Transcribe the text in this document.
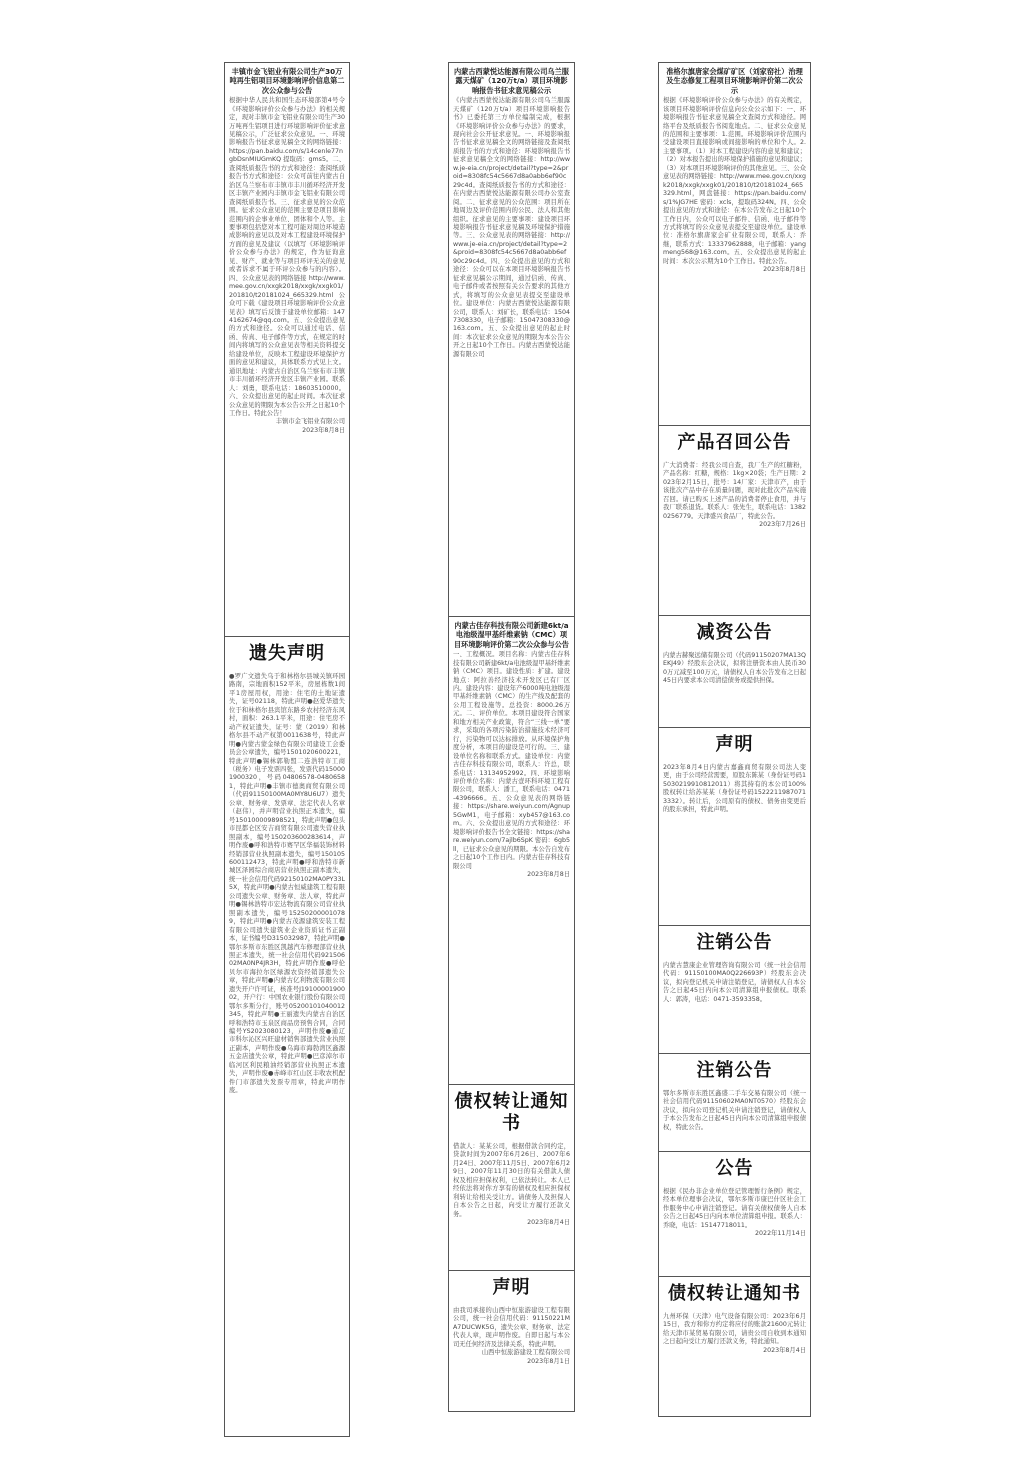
丰镇市金飞铝业有限公司生产30万吨再生铝项目环境影响评价信息第二次公众参与公告
根据中华人民共和国生态环境部第4号令《环境影响评价公众参与办法》的相关规定，现对丰镇市金飞铝业有限公司生产30万吨再生铝项目进行环境影响评价征求意见稿公示，广泛征求公众意见。一、环境影响报告书征求意见稿全文的网络链接：https://pan.baidu.com/s/14cenle77ngbDsnMIUGmKQ 提取码：gms5。二、查阅纸质报告书的方式和途径：查阅纸质报告书方式和途径：公众可前往内蒙古自治区乌兰察布市丰镇市丰川循环经济开发区丰镇产业园内丰镇市金飞铝业有限公司查阅纸质报告书。三、征求意见的公众范围。征求公众意见的范围主要是项目影响范围内的企事业单位、团体和个人等。主要事项包括您对本工程可能对周边环境造成影响的意见以及对本工程建设环境保护方面的意见及建议（以填写《环境影响评价公众参与办法》的规定，作为征询意见、财产、就业等与项目环评无关的意见或者诉求不属于环评公众参与的内容）。四、公众意见表的网络链接 http://www.mee.gov.cn/xxgk2018/xxgk/xxgk01/201810/t20181024_665329.html 公众可下载《建设项目环境影响评价公众意见表》填写后反馈于建设单位邮箱：1474162674@qq.com。五、公众提出意见的方式和途径。公众可以通过电话、信函、传真、电子邮件等方式，在规定的时间内将填写的公众意见表等相关资料提交给建设单位，反映本工程建设环境保护方面的意见和建议，具体联系方式见上文。通讯地址：内蒙古自治区乌兰察布市丰镇市丰川循环经济开发区丰镇产业园。联系人：刘勇，联系电话：18603510000。六、公众提出意见的起止时间。本次征求公众意见的期限为本公告公开之日起10个工作日。特此公告！
丰镇市金飞铝业有限公司
2023年8月8日
遗失声明
●罗广文遗失乌于和林格尔县城关镇环园路南，宗地面积152平米，房屋栋数1间平1房屋用权，用途：住宅的土地证遗失，证号02118，特此声明●赵爱华遗失位于和林格尔县宾馆东路乡农村经济东风村，面积：263.1平米，用途：住宅房不动产权证遗失，证号：蒙（2019）和林格尔县不动产权第0011638号，特此声明●内蒙古蒙金绿色有限公司建设工会委员会公章遗失，编号1501020600221，特此声明●锡林郭勒盟二连浩特市工商（税务）电子发票四张，发票代码150001900320，号码04806578-04806581，特此声明●丰镇市德奥商贸有限公司（代码91150100MA0MY8U6U7）遗失公章、财务章、发票章、法定代表人名章（赵伟），并声明营业执照正本遗失，编号150100009898521，特此声明●包头市昆都仑区安吉商贸有限公司遗失营业执照副本，编号150203600283614，声明作废●呼和浩特市赛罕区华福装饰材料经销部营业执照副本遗失，编号150105600112473，特此声明●呼和浩特市新城区泽园综合商店营业执照正副本遗失，统一社会信用代码92150102MA0PY33L5X，特此声明●内蒙古恒威建筑工程有限公司遗失公章、财务章、法人章，特此声明●锡林浩特市宏达物流有限公司营业执照副本遗失，编号152502000010789，特此声明●内蒙古茂源建筑安装工程有限公司遗失建筑业企业资质证书正副本，证书编号D315032987，特此声明●鄂尔多斯市东胜区凯越汽车修理部营业执照正本遗失，统一社会信用代码92150602MA0NP4JR3H，特此声明作废●呼伦贝尔市海拉尔区绿源农资经销部遗失公章，特此声明●内蒙古亿利物流有限公司遗失开户许可证，核准号J1910000190002，开户行：中国农业银行股份有限公司鄂尔多斯分行，账号05200101040012345，特此声明●王丽遗失内蒙古自治区呼和浩特市玉泉区商品房预售合同，合同编号YS2023080123，声明作废●通辽市科尔沁区兴旺建材销售部遗失营业执照正副本，声明作废●乌海市海勃湾区鑫源五金店遗失公章，特此声明●巴彦淖尔市临河区利民粮油经销部营业执照正本遗失，声明作废●赤峰市红山区丰收农机配件门市部遗失发票专用章，特此声明作废。
内蒙古西蒙悦达能源有限公司乌兰服露天煤矿（120万t/a）项目环境影响报告书征求意见稿公示
《内蒙古西蒙悦达能源有限公司乌兰服露天煤矿（120万t/a）项目环境影响报告书》已委托第三方单位编制完成，根据《环境影响评价公众参与办法》的要求，现向社会公开征求意见。一、环境影响报告书征求意见稿全文的网络链接及查阅纸质报告书的方式和途径：环境影响报告书征求意见稿全文的网络链接：http://www.je-eia.cn/project/detail?type=2&proid=8308fc54c5667d8a0abb6ef90c29c4d。查阅纸质报告书的方式和途径：在内蒙古西蒙悦达能源有限公司办公室查阅。二、征求意见的公众范围：项目所在地周边及评价范围内的公民、法人和其他组织。征求意见的主要事项：建设项目环境影响报告书征求意见稿及环境保护措施等。三、公众意见表的网络链接：http://www.je-eia.cn/project/detail?type=2&proid=8308fc54c5667d8a0abb6ef90c29c4d。四、公众提出意见的方式和途径：公众可以在本项目环境影响报告书征求意见稿公示期间，通过信函、传真、电子邮件或者按照有关公告要求的其他方式，将填写的公众意见表提交至建设单位。建设单位：内蒙古西蒙悦达能源有限公司，联系人：刘矿长，联系电话：15047308330，电子邮箱：15047308330@163.com。五、公众提出意见的起止时间：本次征求公众意见的期限为本公告公开之日起10个工作日。内蒙古西蒙悦达能源有限公司
内蒙古佳存科技有限公司新建6kt/a电池级湿甲基纤维素钠（CMC）项目环境影响评价第二次公众参与公告
一、工程概况。项目名称：内蒙古佳存科技有限公司新建6kt/a电池级湿甲基纤维素钠（CMC）项目。建设性质：扩建。建设地点：阿拉善经济技术开发区已有厂区内。建设内容：建设年产6000吨电池级湿甲基纤维素钠（CMC）的生产线及配套的公用工程设施等。总投资：8000.26万元。二、评价单位。本项目建设符合国家和地方相关产业政策，符合“三线一单”要求，采取的各项污染防治措施技术经济可行，污染物可以达标排放。从环境保护角度分析，本项目的建设是可行的。三、建设单位名称和联系方式。建设单位：内蒙古佳存科技有限公司，联系人：许总，联系电话：13134952992。四、环境影响评价单位名称：内蒙古壹环科环境工程有限公司，联系人：潘工，联系电话：0471-4396666。五、公众意见表的网络链接：https://share.weiyun.com/Agnup5GwM1，电子邮箱：xyb457@163.com。六、公众提出意见的方式和途径：环境影响评价报告书全文链接：https://share.weiyun.com/7ajlb6SpK 密码：6gb5ll，已征求公众意见的期限。本公告自发布之日起10个工作日内。内蒙古佳存科技有限公司
2023年8月8日
债权转让通知书
借款人：某某公司，根据借款合同约定，贷款时间为2007年6月26日、2007年6月24日、2007年11月5日、2007年6月29日、2007年11月30日的有关借款人债权及相应担保权利，已依法转让。本人已经依法将对你方享有的债权及相应担保权利转让给相关受让方。请债务人及担保人自本公告之日起，向受让方履行还款义务。
2023年8月4日
声明
由我司承接的山西中恒旅游建设工程有限公司，统一社会信用代码：91150221MA7DUCWK5G，遗失公章、财务章、法定代表人章，现声明作废。自即日起与本公司无任何经济及法律关系，特此声明。
山西中恒旅游建设工程有限公司
2023年8月1日
准格尔旗唐家会煤矿矿区（刘家窑社）治理及生态修复工程项目环境影响评价第二次公示
根据《环境影响评价公众参与办法》的有关规定，该项目环境影响评价信息向公众公示如下：一、环境影响报告书征求意见稿全文查阅方式和途径。网络平台及纸质报告书阅览地点。二、征求公众意见的范围和主要事项：1.范围。环境影响评价范围内受建设项目直接影响或间接影响的单位和个人。2.主要事项。（1）对本工程建设内容的意见和建议；（2）对本报告提出的环境保护措施的意见和建议；（3）对本项目环境影响评价的其他意见。三、公众意见表的网络链接：http://www.mee.gov.cn/xxgk2018/xxgk/xxgk01/201810/t20181024_665329.html，网盘链接：https://pan.baidu.com/s/1%JG7HE 密码：xcls，提取码324N。四、公众提出意见的方式和途径：在本公告发布之日起10个工作日内，公众可以电子邮件、信函、电子邮件等方式将填写的公众意见表提交至建设单位。建设单位：准格尔旗唐家会矿业有限公司，联系人：乔继，联系方式：13337962888，电子邮箱：yangmeng568@163.com。五、公众提出意见的起止时间：本次公示期为10个工作日。特此公告。
2023年8月8日
产品召回公告
广大消费者：经我公司自查，我厂生产的红糖粉，产品名称：红糖，规格：1kg×20袋；生产日期：2023年2月15日，批号：14厂家：天津市产，由于该批次产品中存在质量问题，现对此批次产品实施召回。请已购买上述产品的消费者停止食用，并与我厂联系退货。联系人：张先生，联系电话：13820256779。天津盛兴食品厂，特此公告。
2023年7月26日
减资公告
内蒙古赫聚远储有限公司（代码91150207MA13QEKJ49）经股东会决议，拟将注册资本由人民币300万元减至100万元，请债权人自本公告发布之日起45日内要求本公司清偿债务或提供担保。
声明
2023年8月4日内蒙古嘉鑫商贸有限公司法人变更，由于公司经营需要，原股东陈某（身份证号码15030219910812011）将其持有的本公司100%股权转让给苏某某（身份证号码15222119870713332）。转让后，公司原有的债权、债务由变更后的股东承担，特此声明。
注销公告
内蒙古慧康企业管理咨询有限公司（统一社会信用代码：91150100MA0Q226693P）经股东会决议，拟向登记机关申请注销登记，请债权人自本公告之日起45日内向本公司清算组申报债权。联系人：郭涛，电话：0471-3593358。
注销公告
鄂尔多斯市东胜区鑫盛二手车交易有限公司（统一社会信用代码91150602MA0NT0570）经股东会决议，拟向公司登记机关申请注销登记，请债权人于本公告发布之日起45日内向本公司清算组申报债权，特此公告。
公告
根据《民办非企业单位登记管理暂行条例》规定，经本单位理事会决议，鄂尔多斯市康巴什区社会工作服务中心申请注销登记。请有关债权债务人自本公告之日起45日内向本单位清算组申报。联系人：乔晓，电话：15147718011。
2022年11月14日
债权转让通知书
九州环保（天津）电气设备有限公司：2023年6月15日，我方和你方约定将应付的账款21600元转让给天津市某贸易有限公司，请贵公司自收到本通知之日起向受让方履行还款义务，特此通知。
2023年8月4日
